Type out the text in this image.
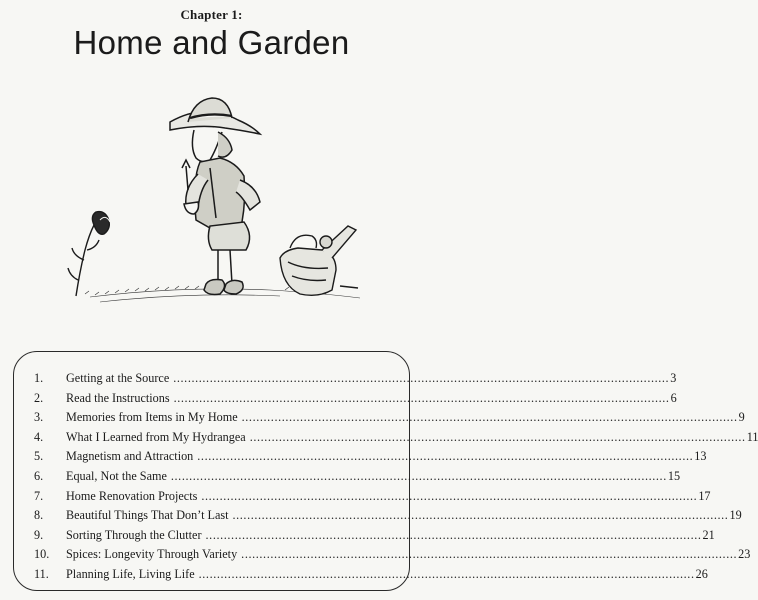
Chapter 1:
Home and Garden
1. Getting at the Source ........................................................................................................................................ 3
2. Read the Instructions ........................................................................................................................................ 6
3. Memories from Items in My Home ........................................................................................................................................ 9
4. What I Learned from My Hydrangea ........................................................................................................................................ 11
5. Magnetism and Attraction ........................................................................................................................................ 13
6. Equal, Not the Same ........................................................................................................................................ 15
7. Home Renovation Projects ........................................................................................................................................ 17
8. Beautiful Things That Don’t Last ........................................................................................................................................ 19
9. Sorting Through the Clutter ........................................................................................................................................ 21
10. Spices: Longevity Through Variety ........................................................................................................................................ 23
11. Planning Life, Living Life ........................................................................................................................................ 26
